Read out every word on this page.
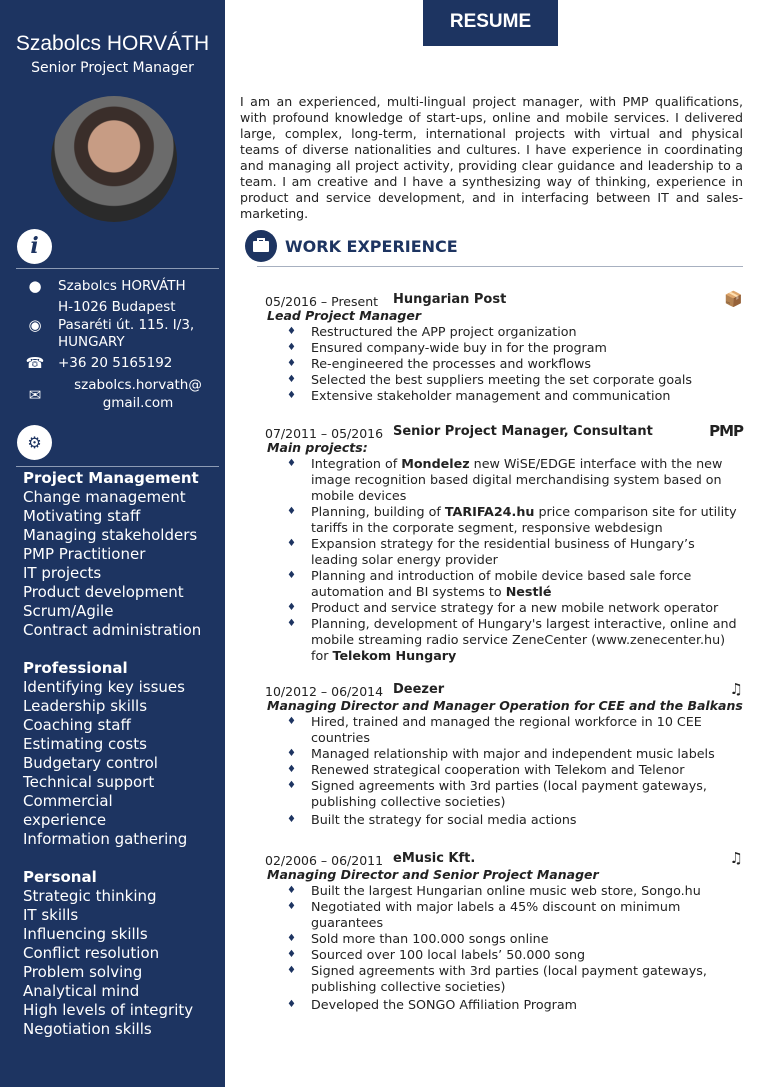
Szabolcs HORVÁTH
Senior Project Manager
i
● Szabolcs HORVÁTH
◉
H-1026 Budapest
Pasaréti út. 115. I/3,
HUNGARY
☎ +36 20 5165192
✉
szabolcs.horvath@
gmail.com
⚙
Project Management
Change management
Motivating staff
Managing stakeholders
PMP Practitioner
IT projects
Product development
Scrum/Agile
Contract administration
Professional
Identifying key issues
Leadership skills
Coaching staff
Estimating costs
Budgetary control
Technical support
Commercial
experience
Information gathering
Personal
Strategic thinking
IT skills
Influencing skills
Conflict resolution
Problem solving
Analytical mind
High levels of integrity
Negotiation skills
RESUME
I am an experienced, multi-lingual project manager, with PMP qualifications, with profound knowledge of start-ups, online and mobile services. I delivered large, complex, long-term, international projects with virtual and physical teams of diverse nationalities and cultures. I have experience in coordinating and managing all project activity, providing clear guidance and leadership to a team. I am creative and I have a synthesizing way of thinking, experience in product and service development, and in interfacing between IT and sales-marketing.
WORK EXPERIENCE
05/2016 – Present Hungarian Post
Lead Project Manager
📦
♦ Restructured the APP project organization
♦ Ensured company-wide buy in for the program
♦ Re-engineered the processes and workflows
♦ Selected the best suppliers meeting the set corporate goals
♦ Extensive stakeholder management and communication
07/2011 – 05/2016 Senior Project Manager, Consultant
Main projects:
PMP
♦ Integration of Mondelez new WiSE/EDGE interface with the new image recognition based digital merchandising system based on mobile devices
♦ Planning, building of TARIFA24.hu price comparison site for utility tariffs in the corporate segment, responsive webdesign
♦ Expansion strategy for the residential business of Hungary’s leading solar energy provider
♦ Planning and introduction of mobile device based sale force automation and BI systems to Nestlé
♦ Product and service strategy for a new mobile network operator
♦ Planning, development of Hungary's largest interactive, online and mobile streaming radio service ZeneCenter (www.zenecenter.hu) for Telekom Hungary
10/2012 – 06/2014 Deezer
Managing Director and Manager Operation for CEE and the Balkans
♫
♦ Hired, trained and managed the regional workforce in 10 CEE countries
♦ Managed relationship with major and independent music labels
♦ Renewed strategical cooperation with Telekom and Telenor
♦ Signed agreements with 3rd parties (local payment gateways, publishing collective societies)
♦ Built the strategy for social media actions
02/2006 – 06/2011 eMusic Kft.
Managing Director and Senior Project Manager
♫
♦ Built the largest Hungarian online music web store, Songo.hu
♦ Negotiated with major labels a 45% discount on minimum guarantees
♦ Sold more than 100.000 songs online
♦ Sourced over 100 local labels’ 50.000 song
♦ Signed agreements with 3rd parties (local payment gateways, publishing collective societies)
♦ Developed the SONGO Affiliation Program
